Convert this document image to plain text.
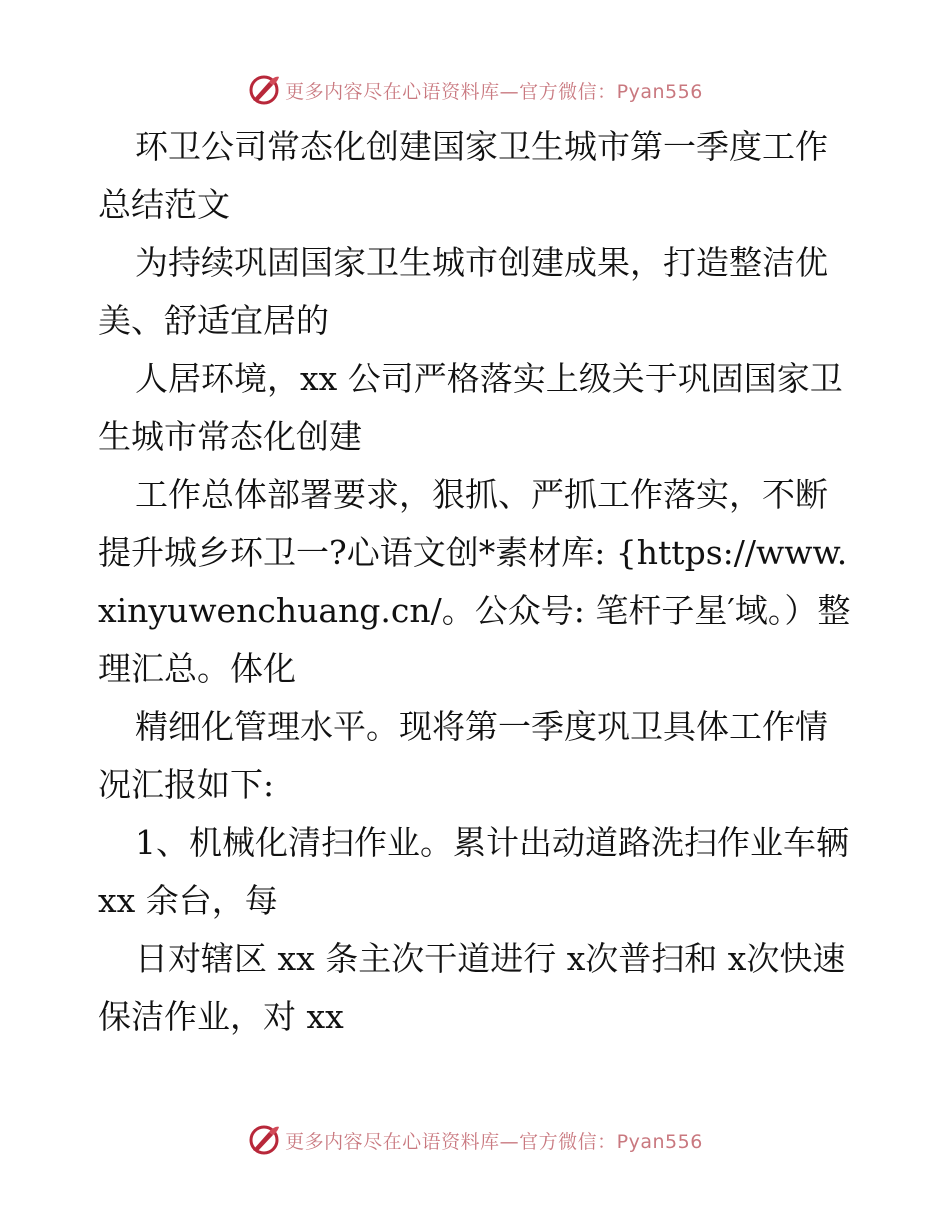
更多内容尽在心语资料库—官方微信：Pyan556

环卫公司常态化创建国家卫生城市第一季度工作总结范文

为持续巩固国家卫生城市创建成果，打造整洁优美、舒适宜居的

人居环境，xx 公司严格落实上级关于巩固国家卫生城市常态化创建

工作总体部署要求，狠抓、严抓工作落实，不断提升城乡环卫一?心语文创*素材库: {https://www.xinyuwenchuang.cn/。公众号: 笔杆子星′域。）整理汇总。体化

精细化管理水平。现将第一季度巩卫具体工作情况汇报如下:

1、机械化清扫作业。累计出动道路洗扫作业车辆 xx 余台，每

日对辖区 xx 条主次干道进行 x次普扫和 x次快速保洁作业，对 xx

更多内容尽在心语资料库—官方微信：Pyan556
